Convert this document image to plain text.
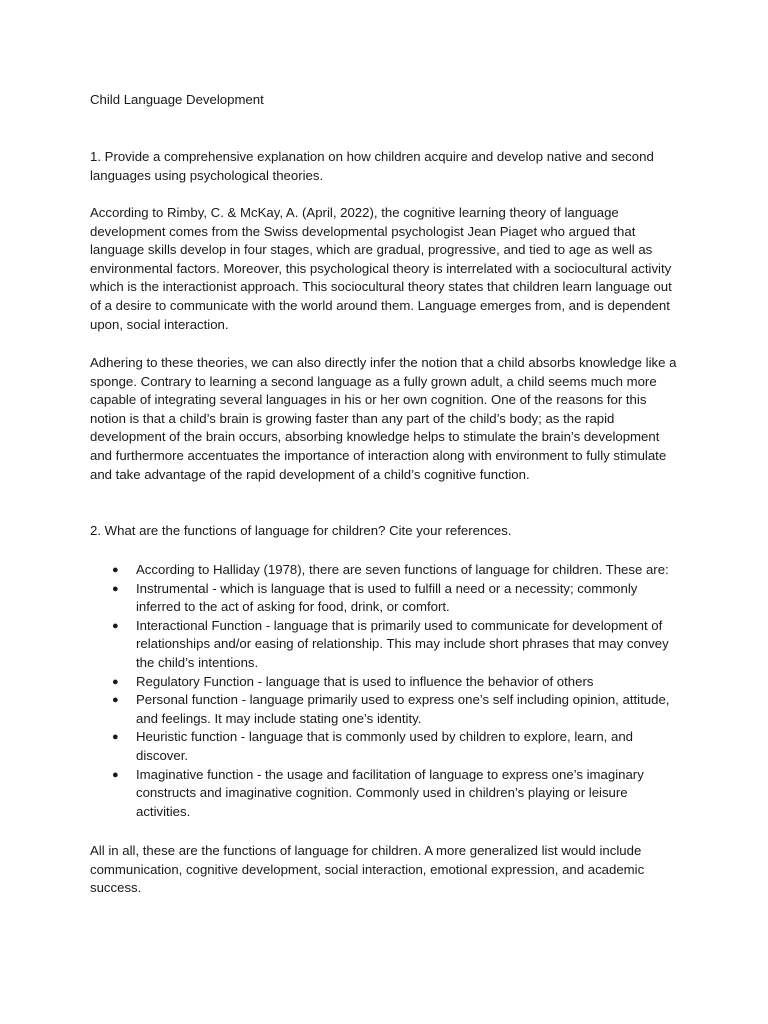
Child Language Development

1. Provide a comprehensive explanation on how children acquire and develop native and second languages using psychological theories.

According to Rimby, C. & McKay, A. (April, 2022), the cognitive learning theory of language development comes from the Swiss developmental psychologist Jean Piaget who argued that language skills develop in four stages, which are gradual, progressive, and tied to age as well as environmental factors. Moreover, this psychological theory is interrelated with a sociocultural activity which is the interactionist approach. This sociocultural theory states that children learn language out of a desire to communicate with the world around them. Language emerges from, and is dependent upon, social interaction.

Adhering to these theories, we can also directly infer the notion that a child absorbs knowledge like a sponge. Contrary to learning a second language as a fully grown adult, a child seems much more capable of integrating several languages in his or her own cognition. One of the reasons for this notion is that a child’s brain is growing faster than any part of the child’s body; as the rapid development of the brain occurs, absorbing knowledge helps to stimulate the brain’s development and furthermore accentuates the importance of interaction along with environment to fully stimulate and take advantage of the rapid development of a child’s cognitive function.

2. What are the functions of language for children? Cite your references.

● According to Halliday (1978), there are seven functions of language for children. These are:
● Instrumental - which is language that is used to fulfill a need or a necessity; commonly inferred to the act of asking for food, drink, or comfort.
● Interactional Function - language that is primarily used to communicate for development of relationships and/or easing of relationship. This may include short phrases that may convey the child’s intentions.
● Regulatory Function - language that is used to influence the behavior of others
● Personal function - language primarily used to express one’s self including opinion, attitude, and feelings. It may include stating one’s identity.
● Heuristic function - language that is commonly used by children to explore, learn, and discover.
● Imaginative function - the usage and facilitation of language to express one’s imaginary constructs and imaginative cognition. Commonly used in children’s playing or leisure activities.

All in all, these are the functions of language for children. A more generalized list would include communication, cognitive development, social interaction, emotional expression, and academic success.
